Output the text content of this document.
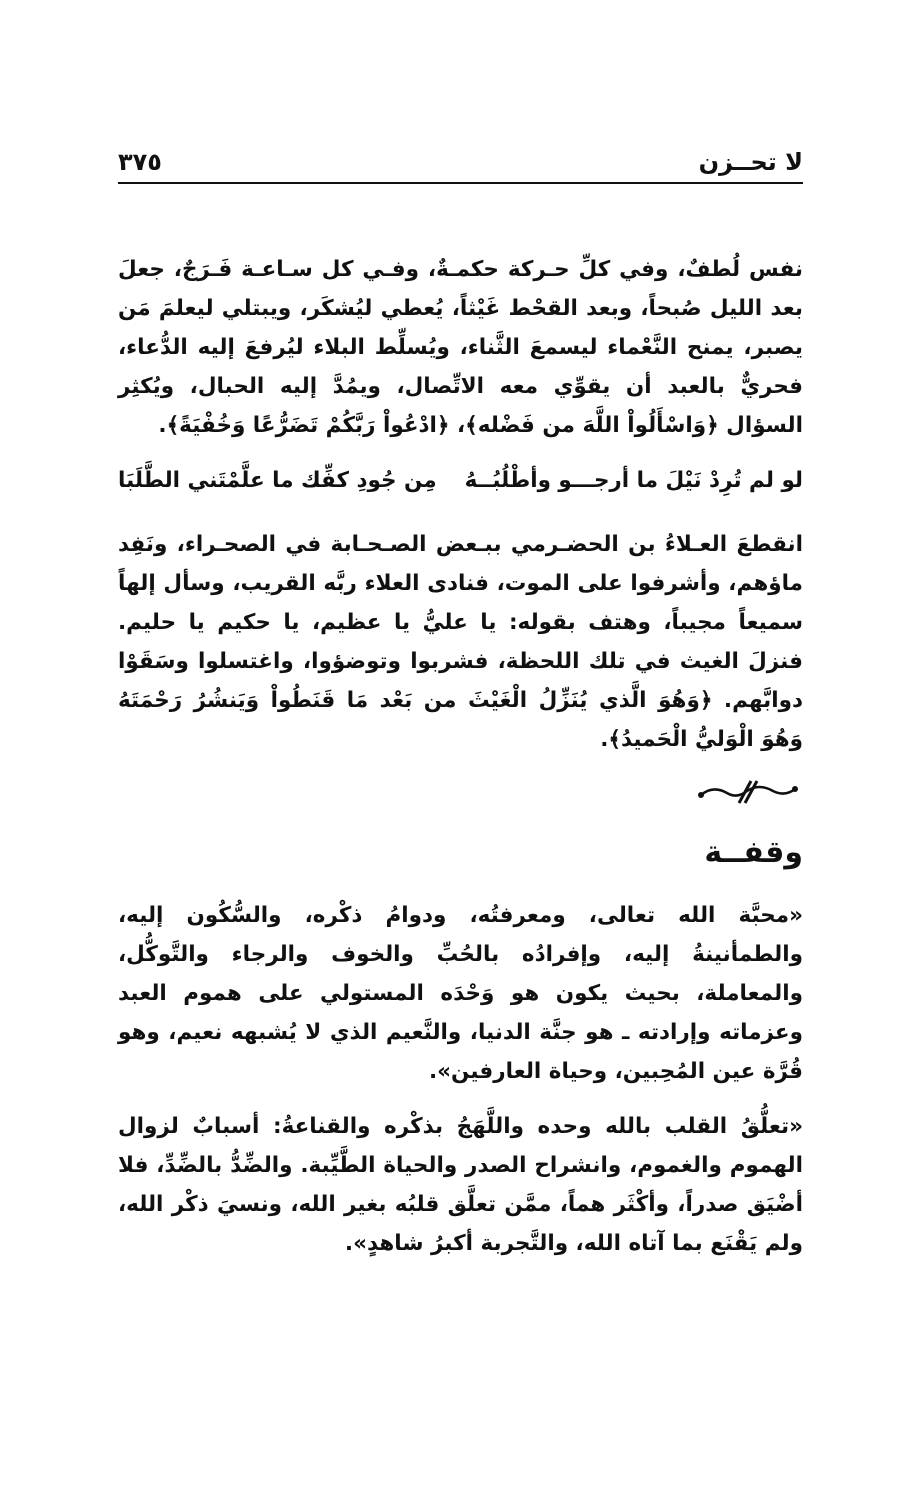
٣٧٥	لا تحــزن

نفس لُطفٌ، وفي كلِّ حـركة حكمـةٌ، وفـي كل سـاعـة فَـرَجٌ، جعلَ بعد الليل صُبحاً، وبعد القحْط غَيْثاً، يُعطي ليُشكَر، ويبتلي ليعلمَ مَن يصبر، يمنح النَّعْماء ليسمعَ الثَّناء، ويُسلِّط البلاء ليُرفعَ إليه الدُّعاء، فحريٌّ بالعبد أن يقوِّي معه الاتِّصال، ويمُدَّ إليه الحبال، ويُكثِر السؤال ﴿وَاسْأَلُواْ اللَّهَ من فَضْله﴾، ﴿ادْعُواْ رَبَّكُمْ تَضَرُّعًا وَخُفْيَةً﴾.

لو لم تُرِدْ نَيْلَ ما أرجـــو وأطْلُبُــهُ
مِن جُودِ كفِّك ما علَّمْتَني الطَّلَبَا

انقطعَ العـلاءُ بن الحضـرمي ببـعض الصـحـابة في الصحـراء، ونَفِد ماؤهم، وأشرفوا على الموت، فنادى العلاء ربَّه القريب، وسأل إلهاً سميعاً مجيباً، وهتف بقوله: يا عليُّ يا عظيم، يا حكيم يا حليم. فنزلَ الغيث في تلك اللحظة، فشربوا وتوضؤوا، واغتسلوا وسَقَوْا دوابَّهم. ﴿وَهُوَ الَّذي يُنَزِّلُ الْغَيْثَ من بَعْد مَا قَنَطُواْ وَيَنشُرُ رَحْمَتَهُ وَهُوَ الْوَليُّ الْحَميدُ﴾.

وقفــة

«محبَّة الله تعالى، ومعرفتُه، ودوامُ ذكْره، والسُّكُون إليه، والطمأنينةُ إليه، وإفرادُه بالحُبِّ والخوف والرجاء والتَّوكُّل، والمعاملة، بحيث يكون هو وَحْدَه المستولي على هموم العبد وعزماته وإرادته ـ هو جنَّة الدنيا، والنَّعيم الذي لا يُشبهه نعيم، وهو قُرَّة عين المُحِبين، وحياة العارفين».

«تعلُّقُ القلب بالله وحده واللَّهَجُ بذكْره والقناعةُ: أسبابٌ لزوال الهموم والغموم، وانشراح الصدر والحياة الطَّيِّبة. والضِّدُّ بالضِّدِّ، فلا أضْيَق صدراً، وأكْثَر هماً، ممَّن تعلَّق قلبُه بغير الله، ونسيَ ذكْر الله، ولم يَقْنَع بما آتاه الله، والتَّجربة أكبرُ شاهدٍ».
